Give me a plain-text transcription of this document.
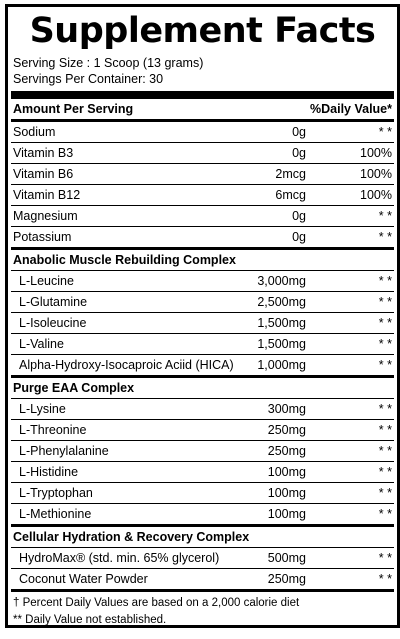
Supplement Facts
Serving Size : 1 Scoop (13 grams)
Servings Per Container: 30
Amount Per Serving	%Daily Value*
Sodium	0g	* *
Vitamin B3	0g	100%
Vitamin B6	2mcg	100%
Vitamin B12	6mcg	100%
Magnesium	0g	* *
Potassium	0g	* *
Anabolic Muscle Rebuilding Complex
L-Leucine	3,000mg	* *
L-Glutamine	2,500mg	* *
L-Isoleucine	1,500mg	* *
L-Valine	1,500mg	* *
Alpha-Hydroxy-Isocaproic Aciid (HICA) 1,000mg	* *
Purge EAA Complex
L-Lysine	300mg	* *
L-Threonine	250mg	* *
L-Phenylalanine	250mg	* *
L-Histidine	100mg	* *
L-Tryptophan	100mg	* *
L-Methionine	100mg	* *
Cellular Hydration & Recovery Complex
HydroMax® (std. min. 65% glycerol)	500mg	* *
Coconut Water Powder	250mg	* *
† Percent Daily Values are based on a 2,000 calorie diet
** Daily Value not established.
